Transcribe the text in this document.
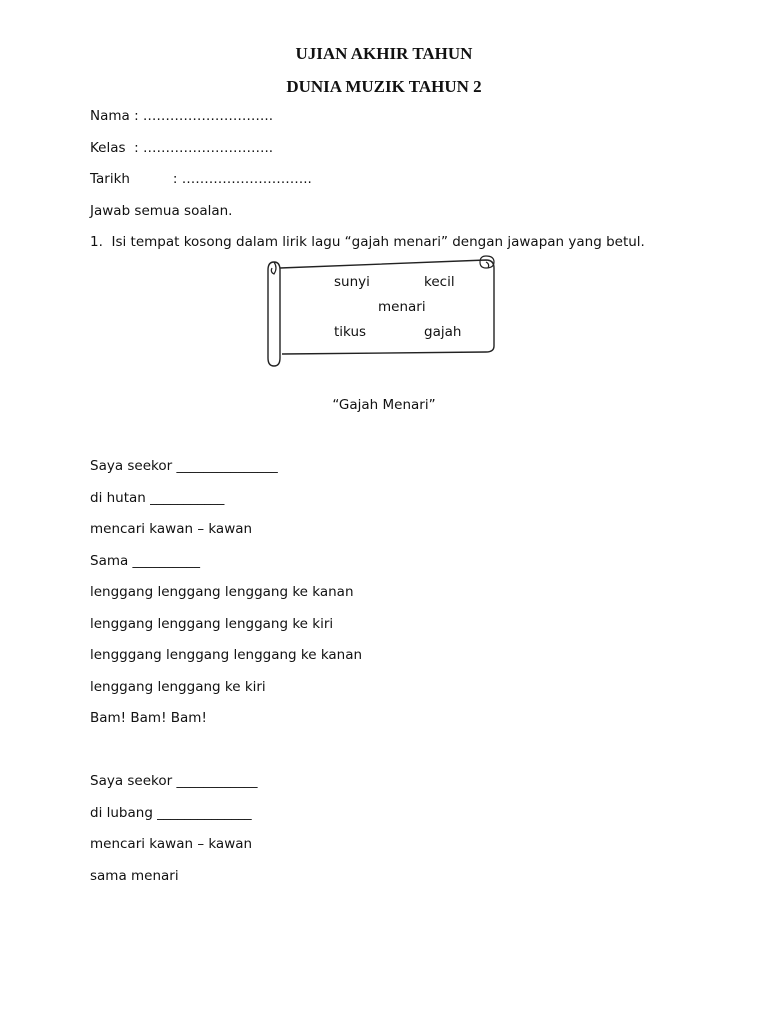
UJIAN AKHIR TAHUN
DUNIA MUZIK TAHUN 2
Nama : ………………………..
Kelas  : ………………………..
Tarikh          : ………………………..
Jawab semua soalan.
1.  Isi tempat kosong dalam lirik lagu “gajah menari” dengan jawapan yang betul.
sunyi	kecil
menari
tikus	gajah
“Gajah Menari”
Saya seekor _______________
di hutan ___________
mencari kawan – kawan
Sama __________
lenggang lenggang lenggang ke kanan
lenggang lenggang lenggang ke kiri
lengggang lenggang lenggang ke kanan
lenggang lenggang ke kiri
Bam! Bam! Bam!
Saya seekor ____________
di lubang ______________
mencari kawan – kawan
sama menari
